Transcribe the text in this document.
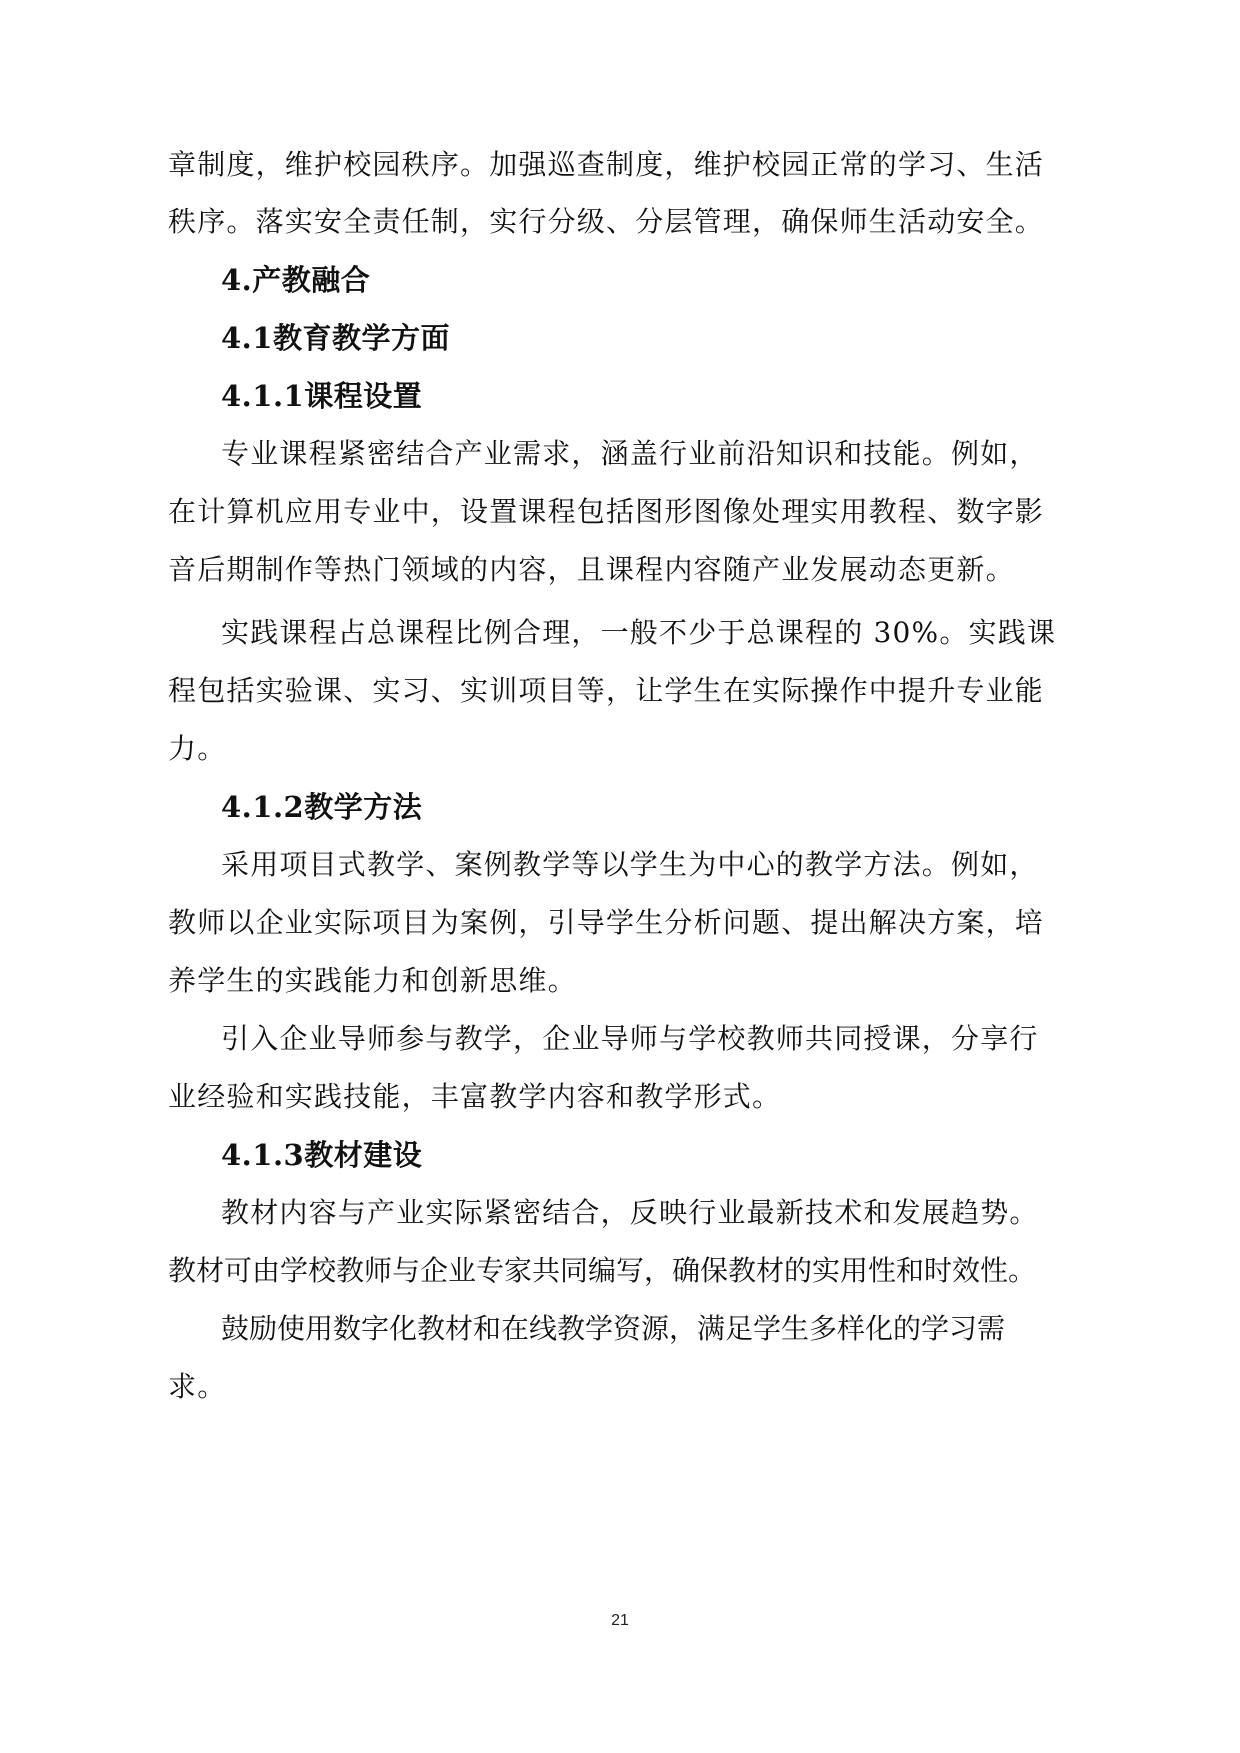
章制度，维护校园秩序。加强巡查制度，维护校园正常的学习、生活
秩序。落实安全责任制，实行分级、分层管理，确保师生活动安全。
4.产教融合
4.1教育教学方面
4.1.1课程设置
专业课程紧密结合产业需求，涵盖行业前沿知识和技能。例如，
在计算机应用专业中，设置课程包括图形图像处理实用教程、数字影
音后期制作等热门领域的内容，且课程内容随产业发展动态更新。
实践课程占总课程比例合理，一般不少于总课程的 30%。实践课
程包括实验课、实习、实训项目等，让学生在实际操作中提升专业能
力。
4.1.2教学方法
采用项目式教学、案例教学等以学生为中心的教学方法。例如，
教师以企业实际项目为案例，引导学生分析问题、提出解决方案，培
养学生的实践能力和创新思维。
引入企业导师参与教学，企业导师与学校教师共同授课，分享行
业经验和实践技能，丰富教学内容和教学形式。
4.1.3教材建设
教材内容与产业实际紧密结合，反映行业最新技术和发展趋势。
教材可由学校教师与企业专家共同编写，确保教材的实用性和时效性。
鼓励使用数字化教材和在线教学资源，满足学生多样化的学习需
求。
21
